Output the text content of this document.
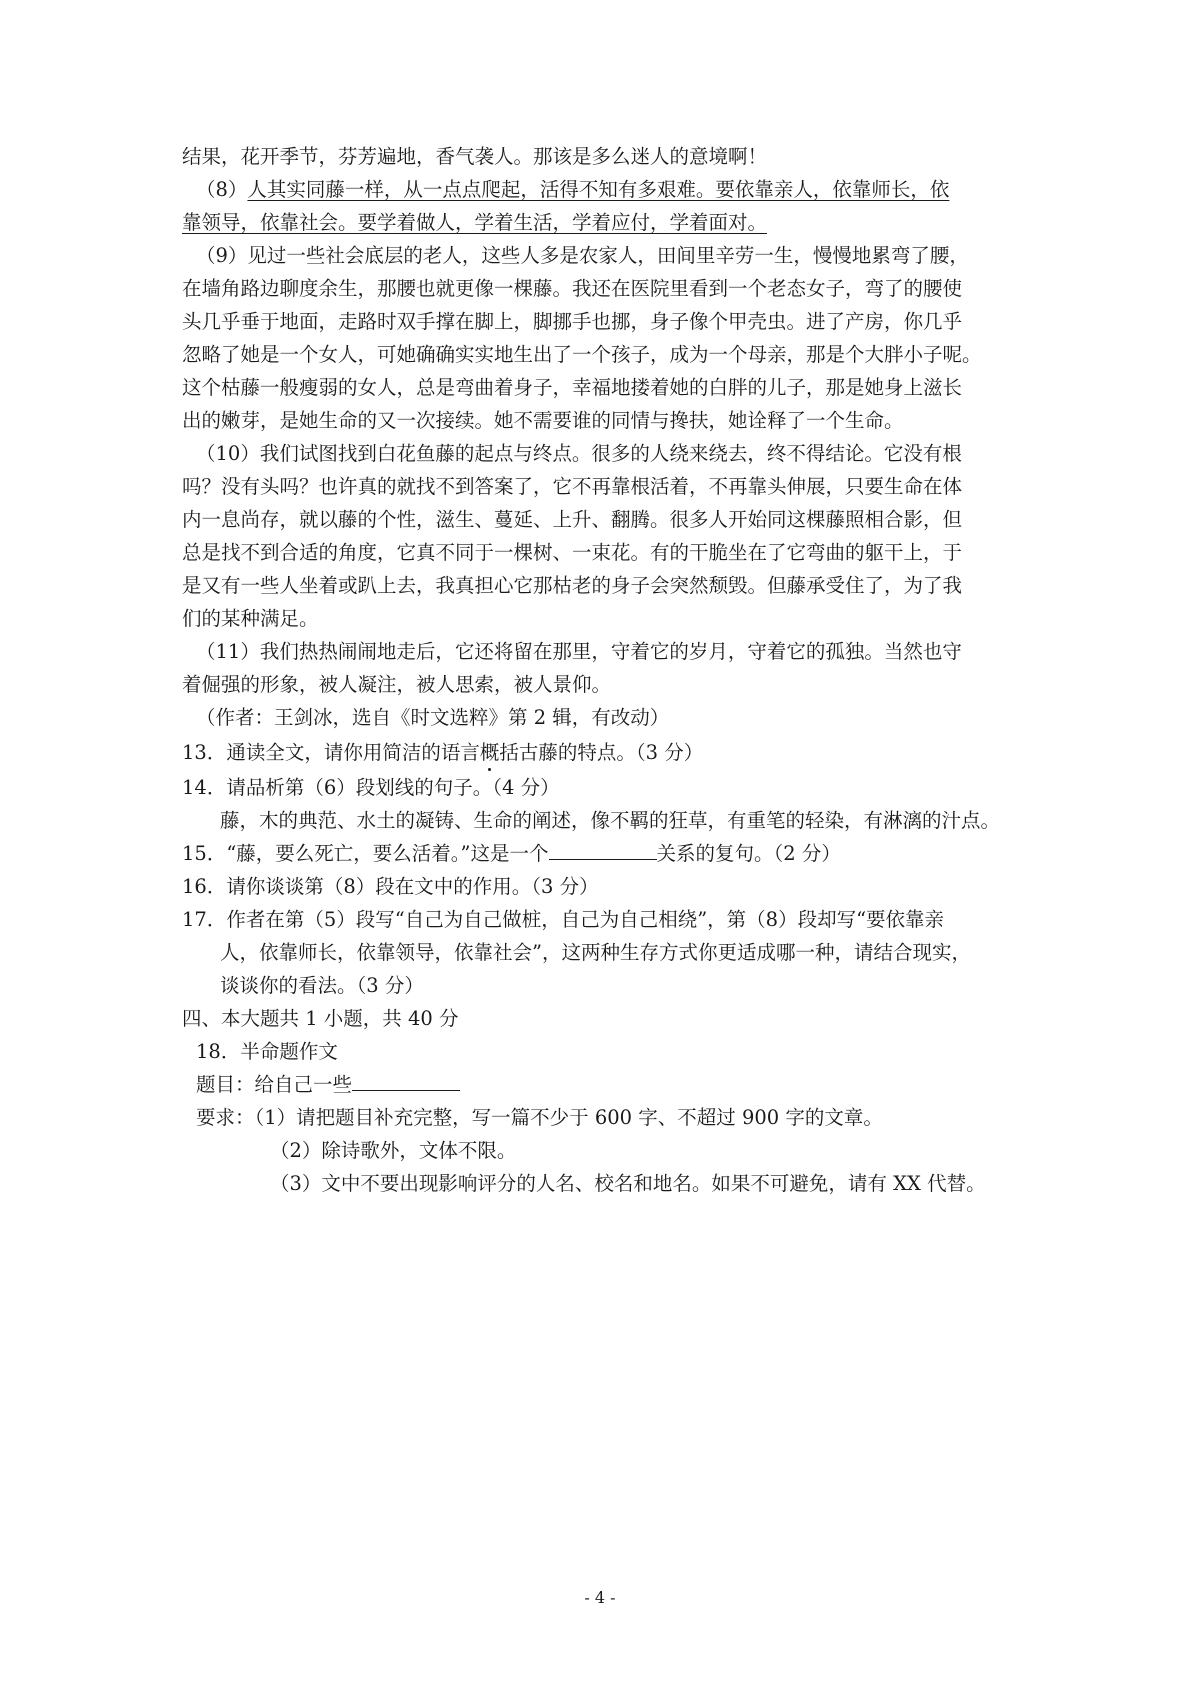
结果，花开季节，芬芳遍地，香气袭人。那该是多么迷人的意境啊！
（8）人其实同藤一样，从一点点爬起，活得不知有多艰难。要依靠亲人，依靠师长，依
靠领导，依靠社会。要学着做人，学着生活，学着应付，学着面对。
（9）见过一些社会底层的老人，这些人多是农家人，田间里辛劳一生，慢慢地累弯了腰，
在墙角路边聊度余生，那腰也就更像一棵藤。我还在医院里看到一个老态女子，弯了的腰使
头几乎垂于地面，走路时双手撑在脚上，脚挪手也挪，身子像个甲壳虫。进了产房，你几乎
忽略了她是一个女人，可她确确实实地生出了一个孩子，成为一个母亲，那是个大胖小子呢。
这个枯藤一般瘦弱的女人，总是弯曲着身子，幸福地搂着她的白胖的儿子，那是她身上滋长
出的嫩芽，是她生命的又一次接续。她不需要谁的同情与搀扶，她诠释了一个生命。
（10）我们试图找到白花鱼藤的起点与终点。很多的人绕来绕去，终不得结论。它没有根
吗？没有头吗？也许真的就找不到答案了，它不再靠根活着，不再靠头伸展，只要生命在体
内一息尚存，就以藤的个性，滋生、蔓延、上升、翻腾。很多人开始同这棵藤照相合影，但
总是找不到合适的角度，它真不同于一棵树、一束花。有的干脆坐在了它弯曲的躯干上，于
是又有一些人坐着或趴上去，我真担心它那枯老的身子会突然颓毁。但藤承受住了，为了我
们的某种满足。
（11）我们热热闹闹地走后，它还将留在那里，守着它的岁月，守着它的孤独。当然也守
着倔强的形象，被人凝注，被人思索，被人景仰。
（作者：王剑冰，选自《时文选粹》第 2 辑，有改动）
13．通读全文，请你用简洁的语言概括古藤的特点。（3 分）
14．请品析第（6）段划线的句子。（4 分）
藤，木的典范、水土的凝铸、生命的阐述，像不羁的狂草，有重笔的轻染，有淋漓的汁点。
15．“藤，要么死亡，要么活着。”这是一个	关系的复句。（2 分）
16．请你谈谈第（8）段在文中的作用。（3 分）
17．作者在第（5）段写“自己为自己做桩，自己为自己相绕”，第（8）段却写“要依靠亲
人，依靠师长，依靠领导，依靠社会”，这两种生存方式你更适成哪一种，请结合现实，
谈谈你的看法。（3 分）
四、本大题共 1 小题，共 40 分
18．半命题作文
题目：给自己一些
要求：（1）请把题目补充完整，写一篇不少于 600 字、不超过 900 字的文章。
（2）除诗歌外，文体不限。
（3）文中不要出现影响评分的人名、校名和地名。如果不可避免，请有 XX 代替。
- 4 -
